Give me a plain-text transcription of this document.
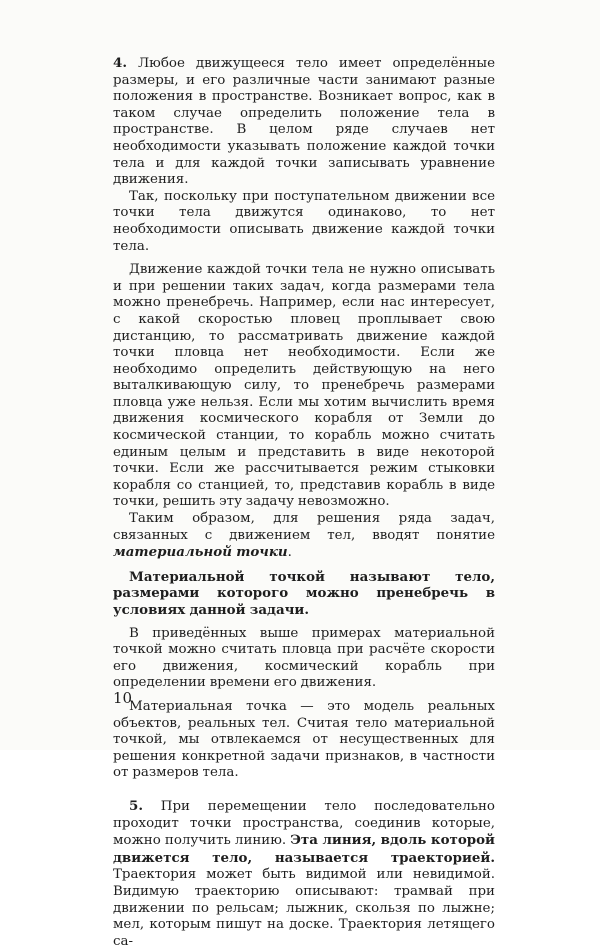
4. Любое движущееся тело имеет определённые размеры, и его различные части занимают разные положения в пространстве. Возникает вопрос, как в таком случае определить положение тела в пространстве. В целом ряде случаев нет необходимости указывать положение каждой точки тела и для каждой точки записывать уравнение движения.

Так, поскольку при поступательном движении все точки тела движутся одинаково, то нет необходимости описывать движение каждой точки тела.

Движение каждой точки тела не нужно описывать и при решении таких задач, когда размерами тела можно пренебречь. Например, если нас интересует, с какой скоростью пловец проплывает свою дистанцию, то рассматривать движение каждой точки пловца нет необходимости. Если же необходимо определить действующую на него выталкивающую силу, то пренебречь размерами пловца уже нельзя. Если мы хотим вычислить время движения космического корабля от Земли до космической станции, то корабль можно считать единым целым и представить в виде некоторой точки. Если же рассчитывается режим стыковки корабля со станцией, то, представив корабль в виде точки, решить эту задачу невозможно.

Таким образом, для решения ряда задач, связанных с движением тел, вводят понятие материальной точки.

Материальной точкой называют тело, размерами которого можно пренебречь в условиях данной задачи.

В приведённых выше примерах материальной точкой можно считать пловца при расчёте скорости его движения, космический корабль при определении времени его движения.

Материальная точка — это модель реальных объектов, реальных тел. Считая тело материальной точкой, мы отвлекаемся от несущественных для решения конкретной задачи признаков, в частности от размеров тела.

5. При перемещении тело последовательно проходит точки пространства, соединив которые, можно получить линию. Эта линия, вдоль которой движется тело, называется траекторией. Траектория может быть видимой или невидимой. Видимую траекторию описывают: трамвай при движении по рельсам; лыжник, скользя по лыжне; мел, которым пишут на доске. Траектория летящего са-

10
